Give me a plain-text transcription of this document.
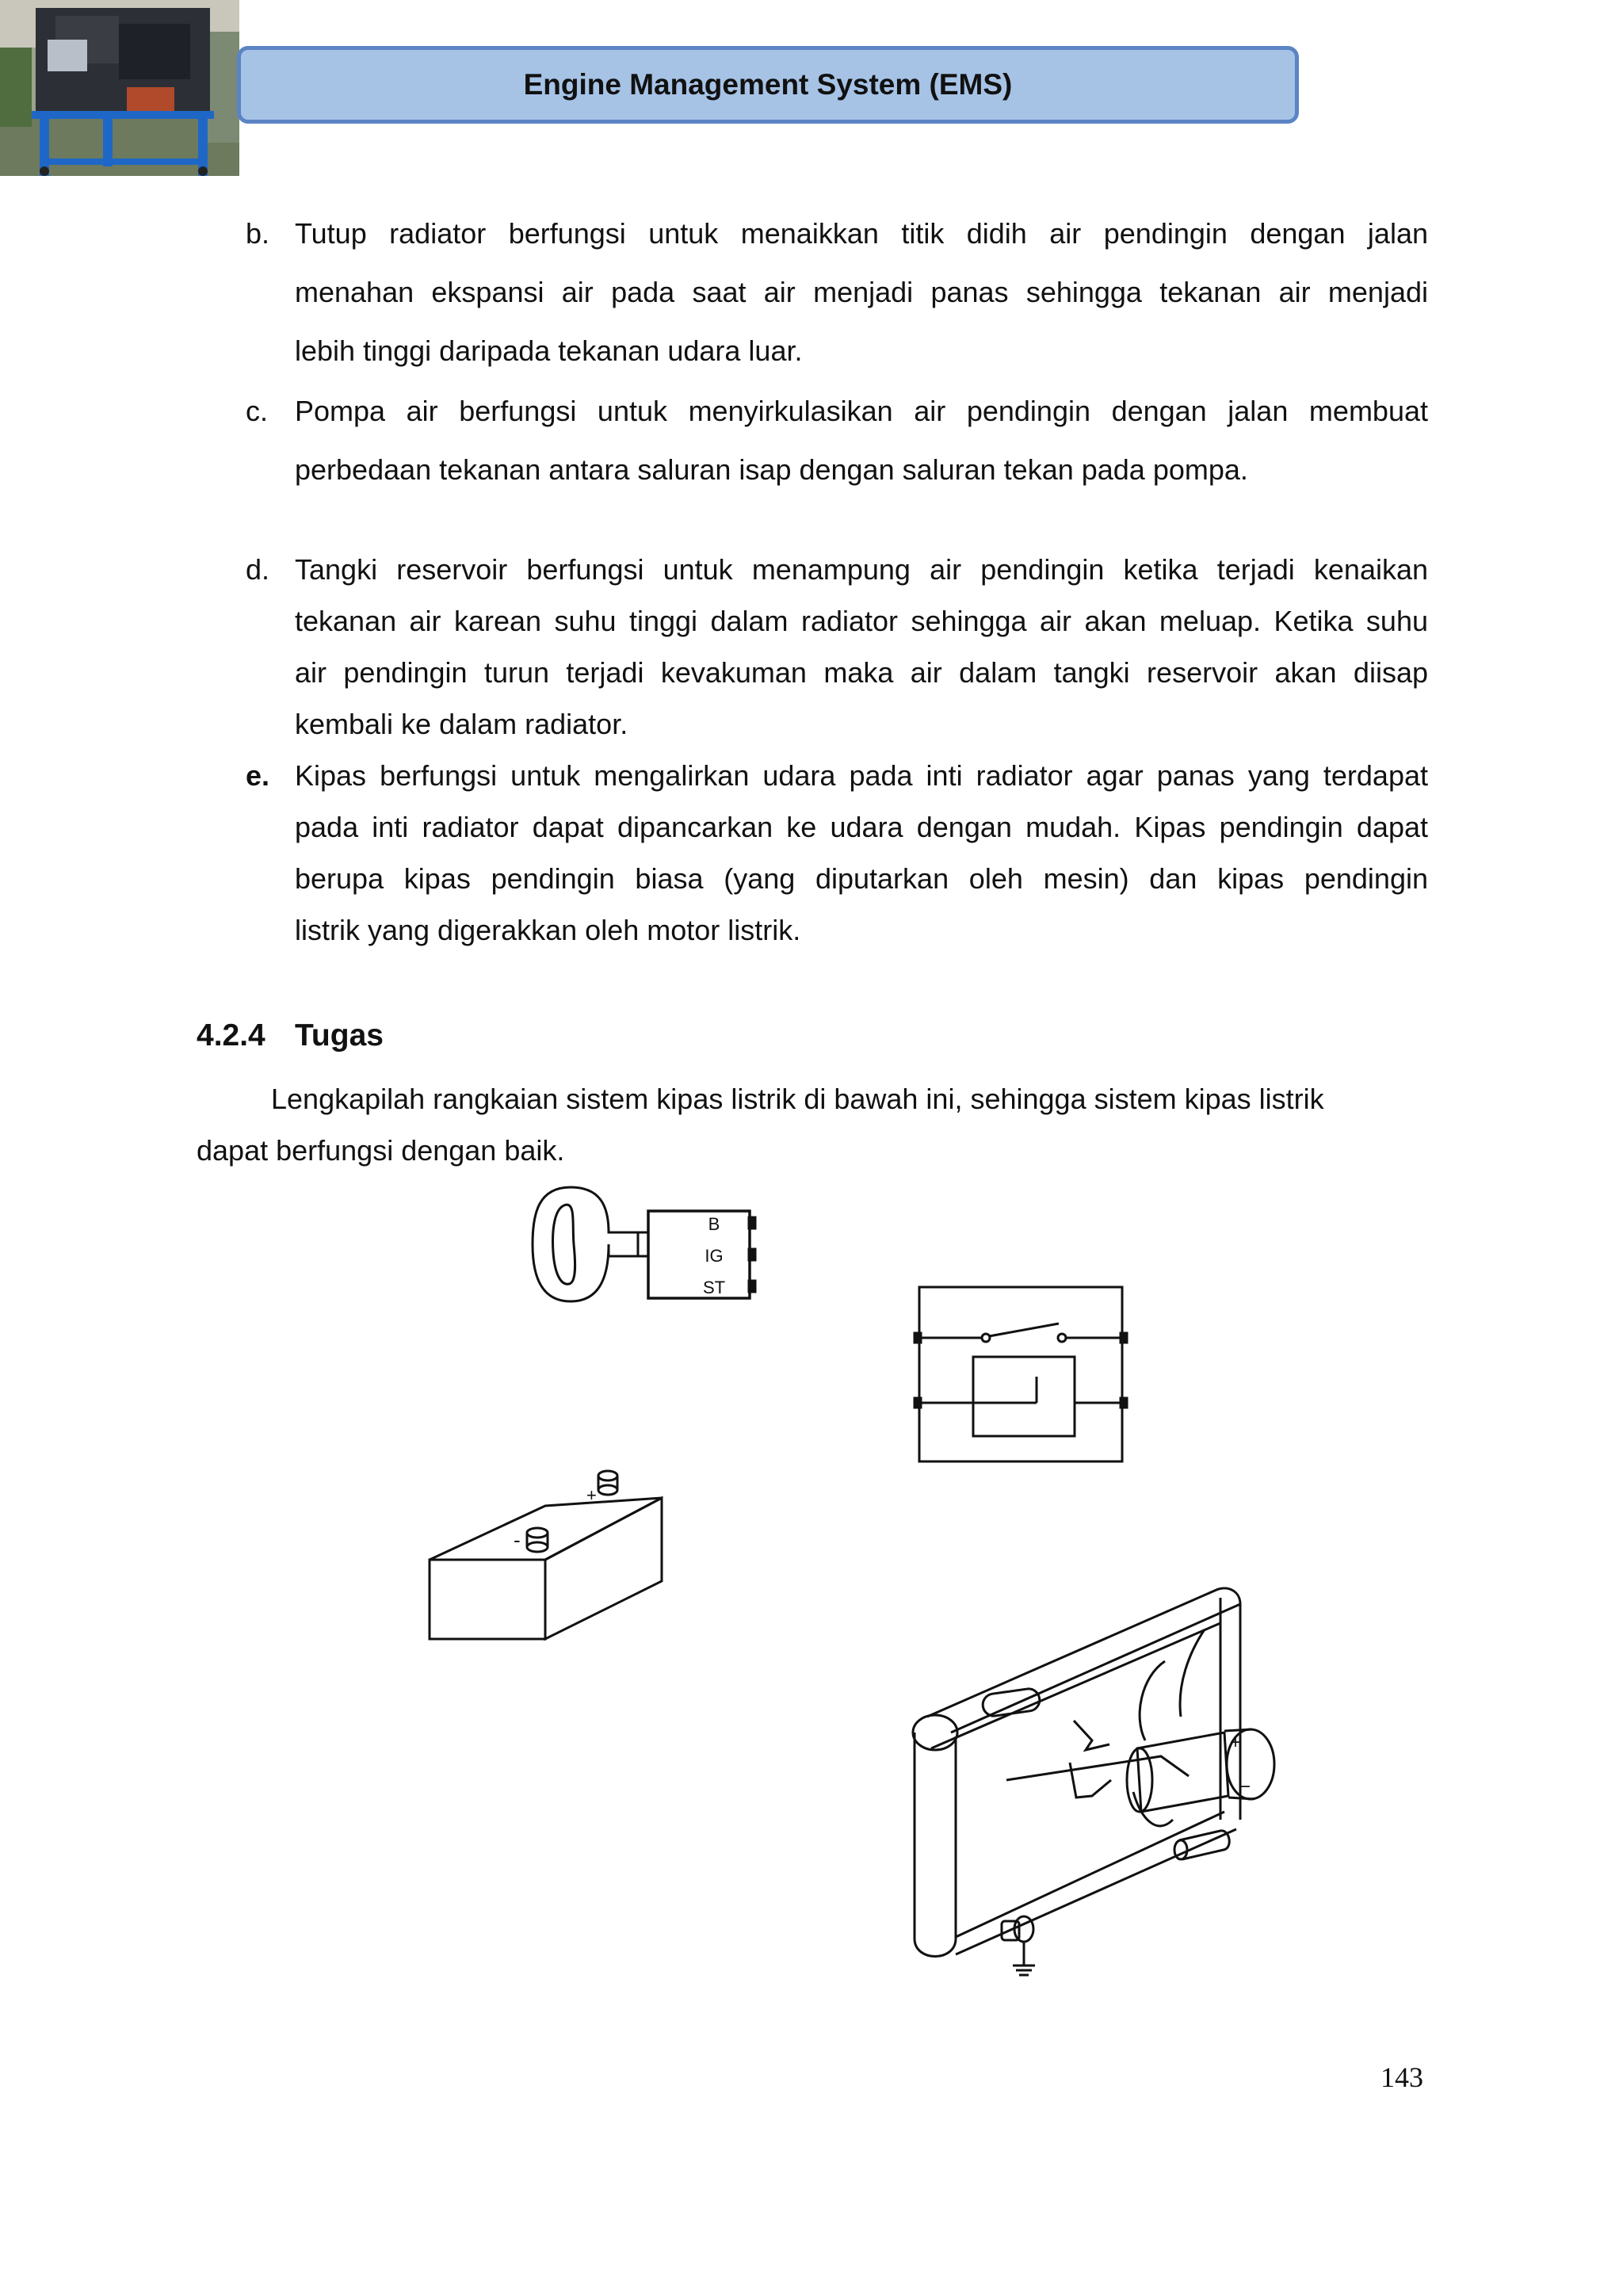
Engine Management System (EMS)
b. Tutup radiator berfungsi untuk menaikkan titik didih air pendingin dengan jalan
menahan ekspansi air pada saat air menjadi panas sehingga tekanan air menjadi
lebih tinggi daripada tekanan udara luar.
c. Pompa air berfungsi untuk menyirkulasikan air pendingin dengan jalan membuat
perbedaan tekanan antara saluran isap dengan saluran tekan pada pompa.
d. Tangki reservoir berfungsi untuk menampung air pendingin ketika terjadi kenaikan
tekanan air karean suhu tinggi dalam radiator sehingga air akan meluap. Ketika suhu
air pendingin turun terjadi kevakuman maka air dalam tangki reservoir akan diisap
kembali ke dalam radiator.
e. Kipas berfungsi untuk mengalirkan udara pada inti radiator agar panas yang terdapat
pada inti radiator dapat dipancarkan ke udara dengan mudah. Kipas pendingin dapat
berupa kipas pendingin biasa (yang diputarkan oleh mesin) dan kipas pendingin
listrik yang digerakkan oleh motor listrik.
4.2.4 Tugas
Lengkapilah rangkaian sistem kipas listrik di bawah ini, sehingga sistem kipas listrik
dapat berfungsi dengan baik.
B
IG
ST
+
-
+
−
143
